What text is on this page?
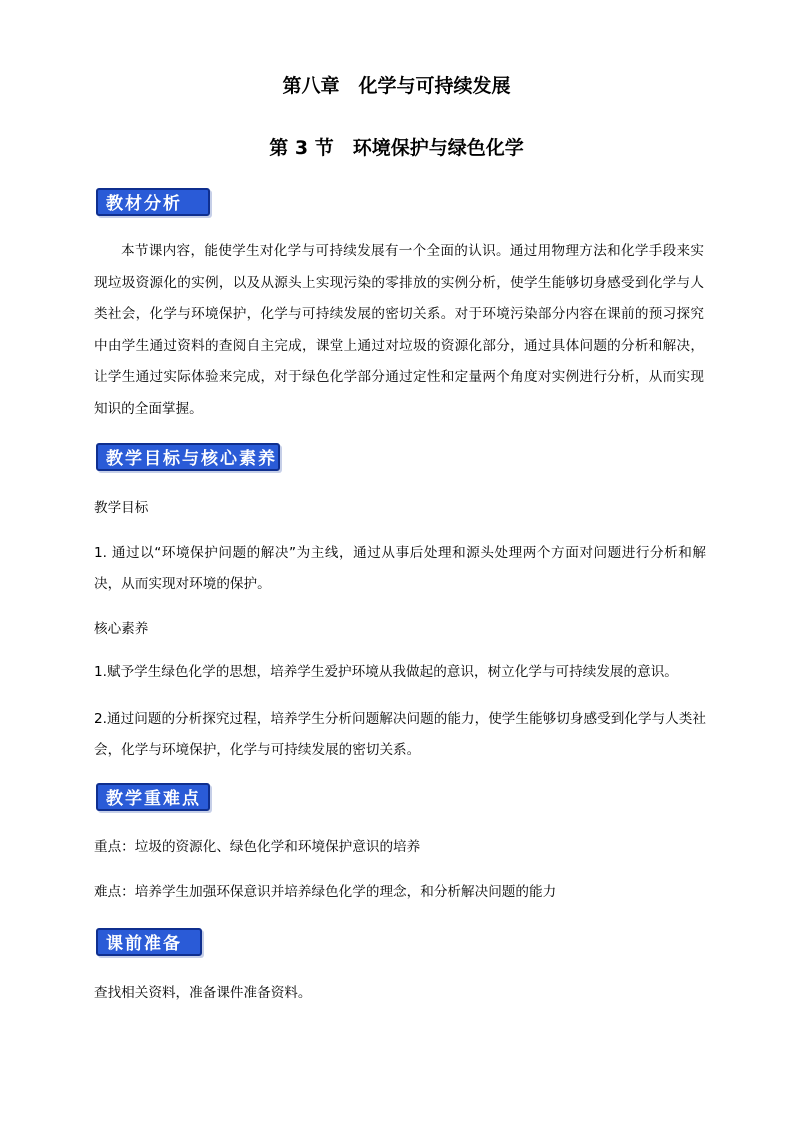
第八章　化学与可持续发展
第 3 节　环境保护与绿色化学
教材分析

本节课内容，能使学生对化学与可持续发展有一个全面的认识。通过用物理方法和化学手段来实现垃圾资源化的实例，以及从源头上实现污染的零排放的实例分析，使学生能够切身感受到化学与人类社会，化学与环境保护，化学与可持续发展的密切关系。对于环境污染部分内容在课前的预习探究中由学生通过资料的查阅自主完成，课堂上通过对垃圾的资源化部分，通过具体问题的分析和解决，让学生通过实际体验来完成，对于绿色化学部分通过定性和定量两个角度对实例进行分析，从而实现知识的全面掌握。

教学目标与核心素养

教学目标

1. 通过以“环境保护问题的解决”为主线，通过从事后处理和源头处理两个方面对问题进行分析和解决，从而实现对环境的保护。

核心素养

1.赋予学生绿色化学的思想，培养学生爱护环境从我做起的意识，树立化学与可持续发展的意识。

2.通过问题的分析探究过程，培养学生分析问题解决问题的能力，使学生能够切身感受到化学与人类社会，化学与环境保护，化学与可持续发展的密切关系。

教学重难点

重点：垃圾的资源化、绿色化学和环境保护意识的培养

难点：培养学生加强环保意识并培养绿色化学的理念，和分析解决问题的能力

课前准备

查找相关资料，准备课件准备资料。
